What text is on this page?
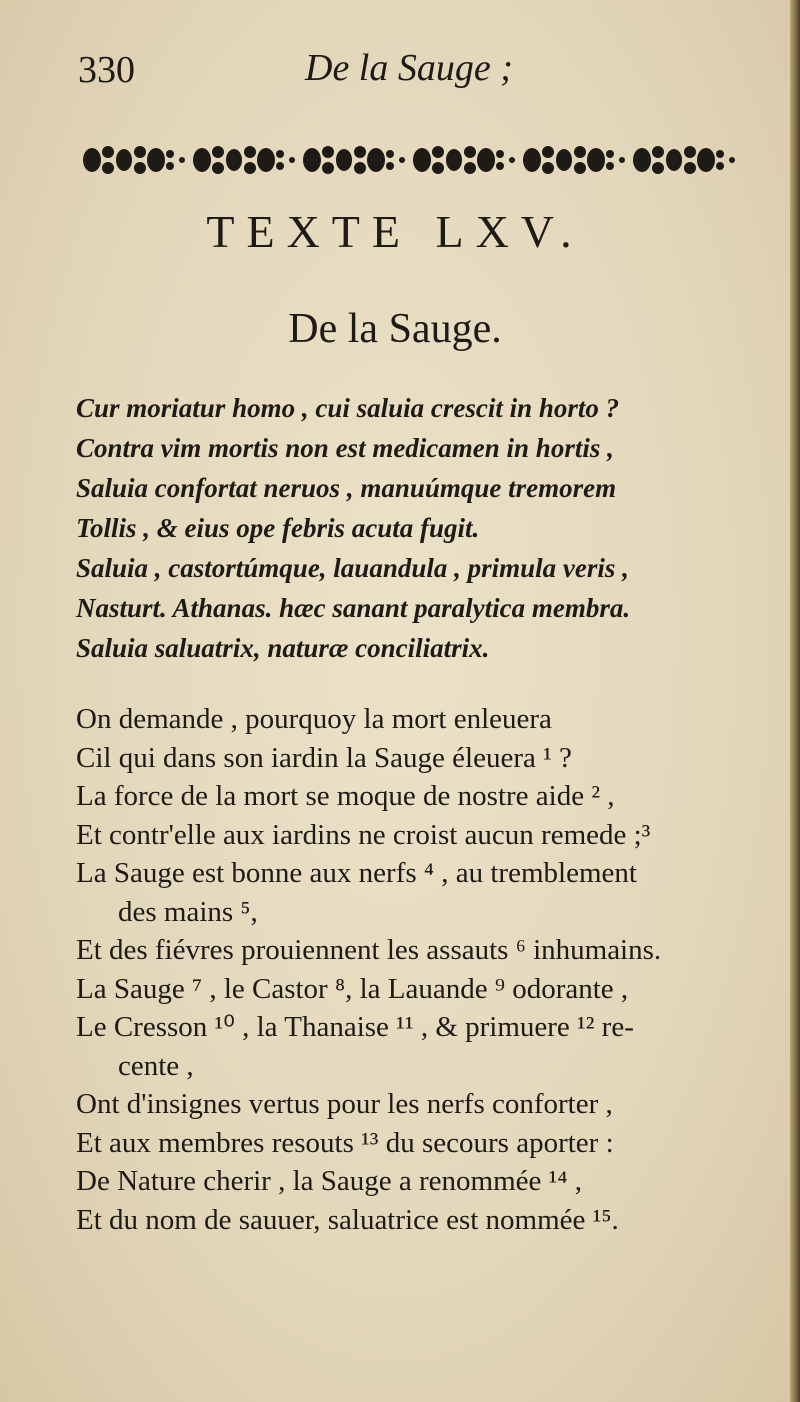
330	De la Sauge ;
TEXTE LXV.
De la Sauge.
Cur moriatur homo , cui saluia crescit in horto ?
Contra vim mortis non est medicamen in hortis ,
Saluia confortat neruos , manuúmque tremorem
Tollis , & eius ope febris acuta fugit.
Saluia , castortúmque, lauandula , primula veris ,
Nasturt. Athanas. hæc sanant paralytica membra.
Saluia saluatrix, naturæ conciliatrix.
On demande , pourquoy la mort enleuera
Cil qui dans son iardin la Sauge éleuera ¹ ?
La force de la mort se moque de nostre aide ² ,
Et contr'elle aux iardins ne croist aucun remede ;³
La Sauge est bonne aux nerfs ⁴ , au tremblement
des mains ⁵,
Et des fiévres prouiennent les assauts ⁶ inhumains.
La Sauge ⁷ , le Castor ⁸, la Lauande ⁹ odorante ,
Le Cresson ¹⁰ , la Thanaise ¹¹ , & primuere ¹² re-
cente ,
Ont d'insignes vertus pour les nerfs conforter ,
Et aux membres resouts ¹³ du secours aporter :
De Nature cherir , la Sauge a renommée ¹⁴ ,
Et du nom de sauuer, saluatrice est nommée ¹⁵.
